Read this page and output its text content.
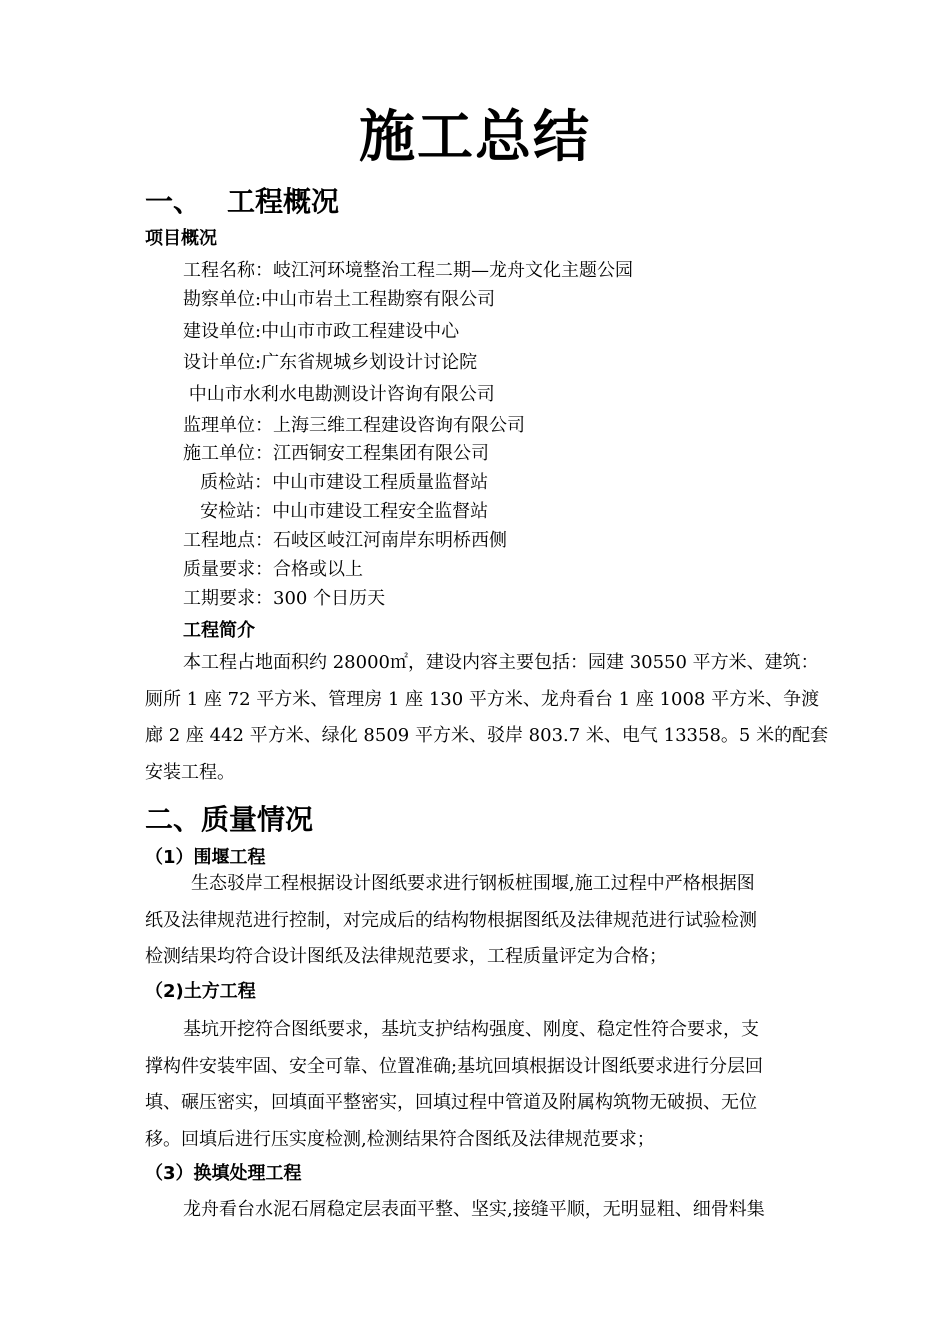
施工总结
一、 工程概况
项目概况
工程名称：岐江河环境整治工程二期—龙舟文化主题公园
勘察单位:中山市岩土工程勘察有限公司
建设单位:中山市市政工程建设中心
设计单位:广东省规城乡划设计讨论院
中山市水利水电勘测设计咨询有限公司
监理单位：上海三维工程建设咨询有限公司
施工单位：江西铜安工程集团有限公司
质检站：中山市建设工程质量监督站
安检站：中山市建设工程安全监督站
工程地点：石岐区岐江河南岸东明桥西侧
质量要求：合格或以上
工期要求：300 个日历天
工程简介
本工程占地面积约 28000㎡，建设内容主要包括：园建 30550 平方米、建筑：
厕所 1 座 72 平方米、管理房 1 座 130 平方米、龙舟看台 1 座 1008 平方米、争渡
廊 2 座 442 平方米、绿化 8509 平方米、驳岸 803.7 米、电气 13358。5 米的配套
安装工程。
二、质量情况
（1）围堰工程
生态驳岸工程根据设计图纸要求进行钢板桩围堰,施工过程中严格根据图
纸及法律规范进行控制，对完成后的结构物根据图纸及法律规范进行试验检测
检测结果均符合设计图纸及法律规范要求，工程质量评定为合格；
（2)土方工程
基坑开挖符合图纸要求，基坑支护结构强度、刚度、稳定性符合要求，支
撑构件安装牢固、安全可靠、位置准确;基坑回填根据设计图纸要求进行分层回
填、碾压密实，回填面平整密实，回填过程中管道及附属构筑物无破损、无位
移。回填后进行压实度检测,检测结果符合图纸及法律规范要求；
（3）换填处理工程
龙舟看台水泥石屑稳定层表面平整、坚实,接缝平顺，无明显粗、细骨料集
